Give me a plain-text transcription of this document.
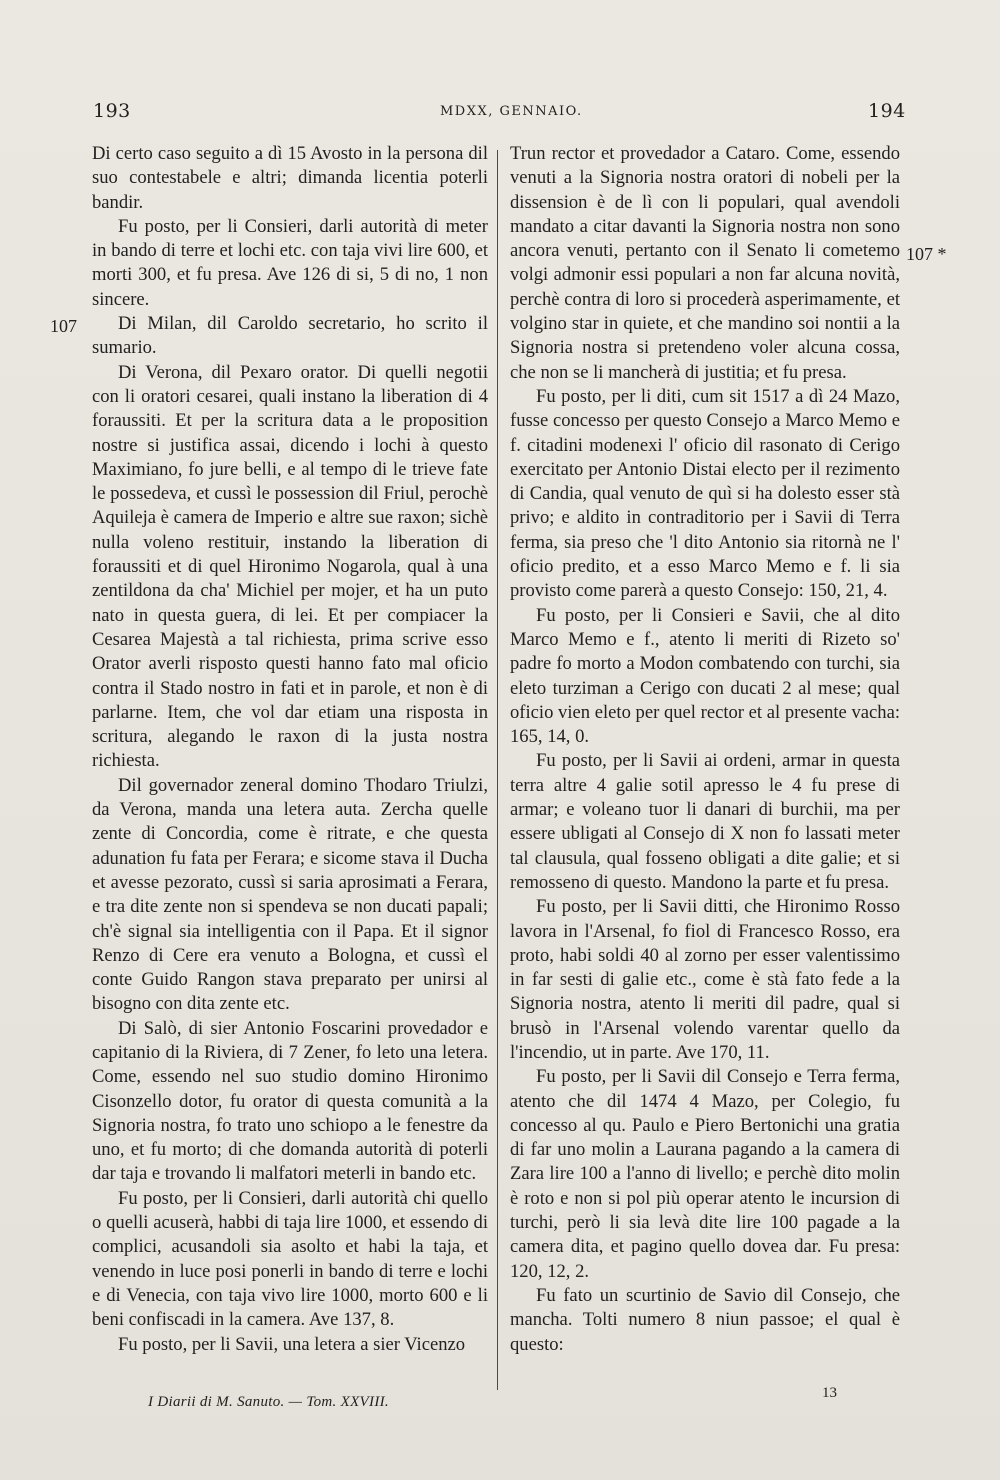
193	MDXX, GENNAIO.	194
107
107 *

Di certo caso seguito a dì 15 Avosto in la persona dil suo contestabele e altri; dimanda licentia poterli bandir.

Fu posto, per li Consieri, darli autorità di meter in bando di terre et lochi etc. con taja vivi lire 600, et morti 300, et fu presa. Ave 126 di si, 5 di no, 1 non sincere.

Di Milan, dil Caroldo secretario, ho scrito il sumario.

Di Verona, dil Pexaro orator. Di quelli negotii con li oratori cesarei, quali instano la liberation di 4 foraussiti. Et per la scritura data a le proposition nostre si justifica assai, dicendo i lochi à questo Maximiano, fo jure belli, e al tempo di le trieve fate le possedeva, et cussì le possession dil Friul, perochè Aquileja è camera de Imperio e altre sue raxon; sichè nulla voleno restituir, instando la liberation di foraussiti et di quel Hironimo Nogarola, qual à una zentildona da cha' Michiel per mojer, et ha un puto nato in questa guera, di lei. Et per compiacer la Cesarea Majestà a tal richiesta, prima scrive esso Orator averli risposto questi hanno fato mal oficio contra il Stado nostro in fati et in parole, et non è di parlarne. Item, che vol dar etiam una risposta in scritura, alegando le raxon di la justa nostra richiesta.

Dil governador zeneral domino Thodaro Triulzi, da Verona, manda una letera auta. Zercha quelle zente di Concordia, come è ritrate, e che questa adunation fu fata per Ferara; e sicome stava il Ducha et avesse pezorato, cussì si saria aprosimati a Ferara, e tra dite zente non si spendeva se non ducati papali; ch'è signal sia intelligentia con il Papa. Et il signor Renzo di Cere era venuto a Bologna, et cussì el conte Guido Rangon stava preparato per unirsi al bisogno con dita zente etc.

Di Salò, di sier Antonio Foscarini provedador e capitanio di la Riviera, di 7 Zener, fo leto una letera. Come, essendo nel suo studio domino Hironimo Cisonzello dotor, fu orator di questa comunità a la Signoria nostra, fo trato uno schiopo a le fenestre da uno, et fu morto; di che domanda autorità di poterli dar taja e trovando li malfatori meterli in bando etc.

Fu posto, per li Consieri, darli autorità chi quello o quelli acuserà, habbi di taja lire 1000, et essendo di complici, acusandoli sia asolto et habi la taja, et venendo in luce posi ponerli in bando di terre e lochi e di Venecia, con taja vivo lire 1000, morto 600 e li beni confiscadi in la camera. Ave 137, 8.

Fu posto, per li Savii, una letera a sier Vicenzo

Trun rector et provedador a Cataro. Come, essendo venuti a la Signoria nostra oratori di nobeli per la dissension è de lì con li populari, qual avendoli mandato a citar davanti la Signoria nostra non sono ancora venuti, pertanto con il Senato li cometemo volgi admonir essi populari a non far alcuna novità, perchè contra di loro si procederà asperimamente, et volgino star in quiete, et che mandino soi nontii a la Signoria nostra si pretendeno voler alcuna cossa, che non se li mancherà di justitia; et fu presa.

Fu posto, per li diti, cum sit 1517 a dì 24 Mazo, fusse concesso per questo Consejo a Marco Memo e f. citadini modenexi l' oficio dil rasonato di Cerigo exercitato per Antonio Distai electo per il rezimento di Candia, qual venuto de quì si ha dolesto esser stà privo; e aldito in contraditorio per i Savii di Terra ferma, sia preso che 'l dito Antonio sia ritornà ne l' oficio predito, et a esso Marco Memo e f. li sia provisto come parerà a questo Consejo: 150, 21, 4.

Fu posto, per li Consieri e Savii, che al dito Marco Memo e f., atento li meriti di Rizeto so' padre fo morto a Modon combatendo con turchi, sia eleto turziman a Cerigo con ducati 2 al mese; qual oficio vien eleto per quel rector et al presente vacha: 165, 14, 0.

Fu posto, per li Savii ai ordeni, armar in questa terra altre 4 galie sotil apresso le 4 fu prese di armar; e voleano tuor li danari di burchii, ma per essere ubligati al Consejo di X non fo lassati meter tal clausula, qual fosseno obligati a dite galie; et si remosseno di questo. Mandono la parte et fu presa.

Fu posto, per li Savii ditti, che Hironimo Rosso lavora in l'Arsenal, fo fiol di Francesco Rosso, era proto, habi soldi 40 al zorno per esser valentissimo in far sesti di galie etc., come è stà fato fede a la Signoria nostra, atento li meriti dil padre, qual si brusò in l'Arsenal volendo varentar quello da l'incendio, ut in parte. Ave 170, 11.

Fu posto, per li Savii dil Consejo e Terra ferma, atento che dil 1474 4 Mazo, per Colegio, fu concesso al qu. Paulo e Piero Bertonichi una gratia di far uno molin a Laurana pagando a la camera di Zara lire 100 a l'anno di livello; e perchè dito molin è roto e non si pol più operar atento le incursion di turchi, però li sia levà dite lire 100 pagade a la camera dita, et pagino quello dovea dar. Fu presa: 120, 12, 2.

Fu fato un scurtinio de Savio dil Consejo, che mancha. Tolti numero 8 niun passoe; el qual è questo:

I Diarii di M. Sanuto. — Tom. XXVIII.
13
